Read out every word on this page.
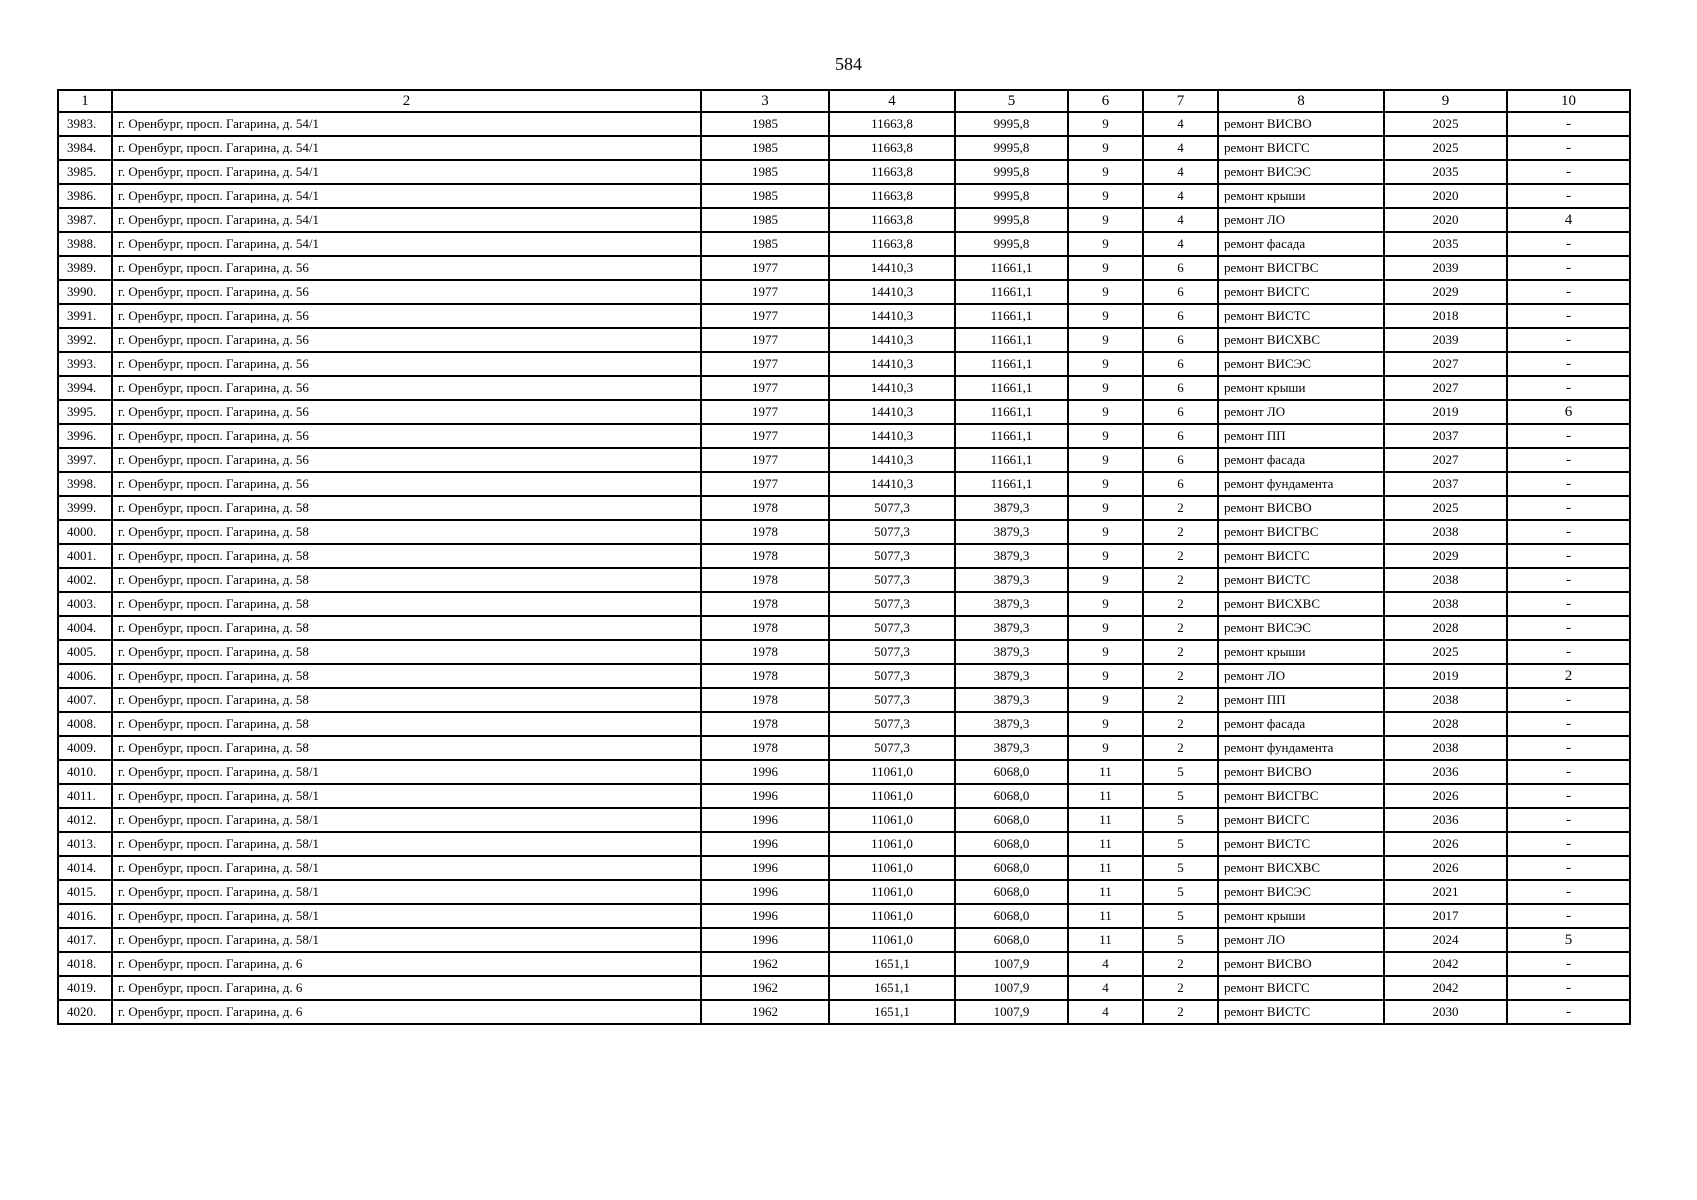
584
1	2	3	4	5	6	7	8	9	10
3983.	г. Оренбург, просп. Гагарина, д. 54/1	1985	11663,8	9995,8	9	4	ремонт ВИСВО	2025	-
3984.	г. Оренбург, просп. Гагарина, д. 54/1	1985	11663,8	9995,8	9	4	ремонт ВИСГС	2025	-
3985.	г. Оренбург, просп. Гагарина, д. 54/1	1985	11663,8	9995,8	9	4	ремонт ВИСЭС	2035	-
3986.	г. Оренбург, просп. Гагарина, д. 54/1	1985	11663,8	9995,8	9	4	ремонт крыши	2020	-
3987.	г. Оренбург, просп. Гагарина, д. 54/1	1985	11663,8	9995,8	9	4	ремонт ЛО	2020	4
3988.	г. Оренбург, просп. Гагарина, д. 54/1	1985	11663,8	9995,8	9	4	ремонт фасада	2035	-
3989.	г. Оренбург, просп. Гагарина, д. 56	1977	14410,3	11661,1	9	6	ремонт ВИСГВС	2039	-
3990.	г. Оренбург, просп. Гагарина, д. 56	1977	14410,3	11661,1	9	6	ремонт ВИСГС	2029	-
3991.	г. Оренбург, просп. Гагарина, д. 56	1977	14410,3	11661,1	9	6	ремонт ВИСТС	2018	-
3992.	г. Оренбург, просп. Гагарина, д. 56	1977	14410,3	11661,1	9	6	ремонт ВИСХВС	2039	-
3993.	г. Оренбург, просп. Гагарина, д. 56	1977	14410,3	11661,1	9	6	ремонт ВИСЭС	2027	-
3994.	г. Оренбург, просп. Гагарина, д. 56	1977	14410,3	11661,1	9	6	ремонт крыши	2027	-
3995.	г. Оренбург, просп. Гагарина, д. 56	1977	14410,3	11661,1	9	6	ремонт ЛО	2019	6
3996.	г. Оренбург, просп. Гагарина, д. 56	1977	14410,3	11661,1	9	6	ремонт ПП	2037	-
3997.	г. Оренбург, просп. Гагарина, д. 56	1977	14410,3	11661,1	9	6	ремонт фасада	2027	-
3998.	г. Оренбург, просп. Гагарина, д. 56	1977	14410,3	11661,1	9	6	ремонт фундамента	2037	-
3999.	г. Оренбург, просп. Гагарина, д. 58	1978	5077,3	3879,3	9	2	ремонт ВИСВО	2025	-
4000.	г. Оренбург, просп. Гагарина, д. 58	1978	5077,3	3879,3	9	2	ремонт ВИСГВС	2038	-
4001.	г. Оренбург, просп. Гагарина, д. 58	1978	5077,3	3879,3	9	2	ремонт ВИСГС	2029	-
4002.	г. Оренбург, просп. Гагарина, д. 58	1978	5077,3	3879,3	9	2	ремонт ВИСТС	2038	-
4003.	г. Оренбург, просп. Гагарина, д. 58	1978	5077,3	3879,3	9	2	ремонт ВИСХВС	2038	-
4004.	г. Оренбург, просп. Гагарина, д. 58	1978	5077,3	3879,3	9	2	ремонт ВИСЭС	2028	-
4005.	г. Оренбург, просп. Гагарина, д. 58	1978	5077,3	3879,3	9	2	ремонт крыши	2025	-
4006.	г. Оренбург, просп. Гагарина, д. 58	1978	5077,3	3879,3	9	2	ремонт ЛО	2019	2
4007.	г. Оренбург, просп. Гагарина, д. 58	1978	5077,3	3879,3	9	2	ремонт ПП	2038	-
4008.	г. Оренбург, просп. Гагарина, д. 58	1978	5077,3	3879,3	9	2	ремонт фасада	2028	-
4009.	г. Оренбург, просп. Гагарина, д. 58	1978	5077,3	3879,3	9	2	ремонт фундамента	2038	-
4010.	г. Оренбург, просп. Гагарина, д. 58/1	1996	11061,0	6068,0	11	5	ремонт ВИСВО	2036	-
4011.	г. Оренбург, просп. Гагарина, д. 58/1	1996	11061,0	6068,0	11	5	ремонт ВИСГВС	2026	-
4012.	г. Оренбург, просп. Гагарина, д. 58/1	1996	11061,0	6068,0	11	5	ремонт ВИСГС	2036	-
4013.	г. Оренбург, просп. Гагарина, д. 58/1	1996	11061,0	6068,0	11	5	ремонт ВИСТС	2026	-
4014.	г. Оренбург, просп. Гагарина, д. 58/1	1996	11061,0	6068,0	11	5	ремонт ВИСХВС	2026	-
4015.	г. Оренбург, просп. Гагарина, д. 58/1	1996	11061,0	6068,0	11	5	ремонт ВИСЭС	2021	-
4016.	г. Оренбург, просп. Гагарина, д. 58/1	1996	11061,0	6068,0	11	5	ремонт крыши	2017	-
4017.	г. Оренбург, просп. Гагарина, д. 58/1	1996	11061,0	6068,0	11	5	ремонт ЛО	2024	5
4018.	г. Оренбург, просп. Гагарина, д. 6	1962	1651,1	1007,9	4	2	ремонт ВИСВО	2042	-
4019.	г. Оренбург, просп. Гагарина, д. 6	1962	1651,1	1007,9	4	2	ремонт ВИСГС	2042	-
4020.	г. Оренбург, просп. Гагарина, д. 6	1962	1651,1	1007,9	4	2	ремонт ВИСТС	2030	-
